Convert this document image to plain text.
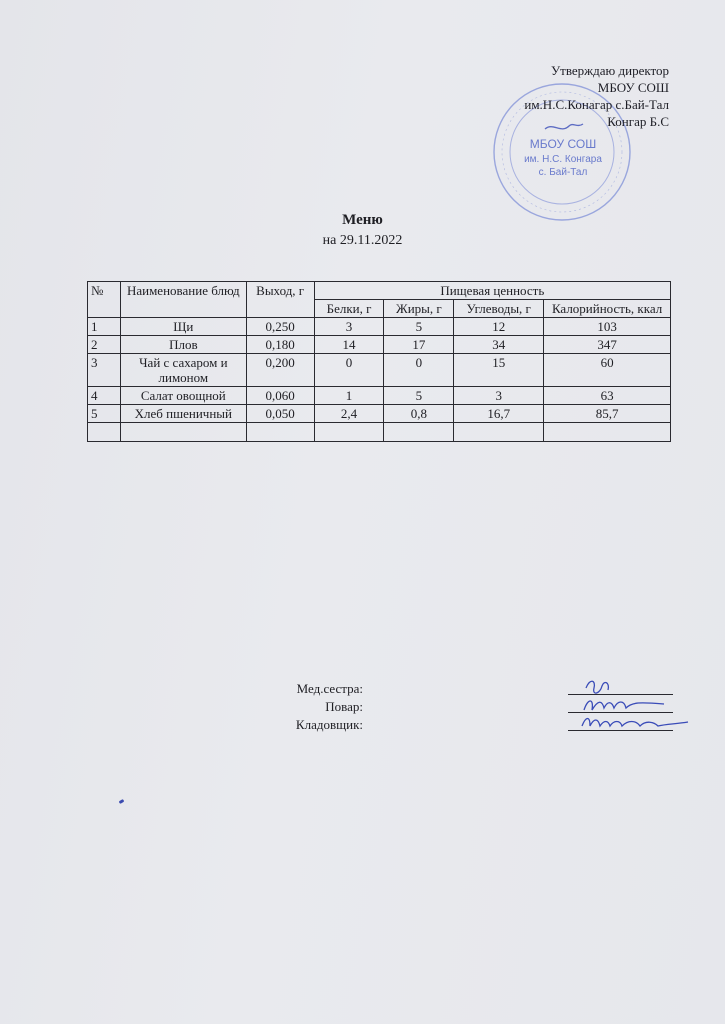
МБОУ СОШ
им. Н.С. Конгара
с. Бай-Тал
Утверждаю директор
МБОУ СОШ
им.Н.С.Конагар с.Бай-Тал
Конгар Б.С
Меню
на 29.11.2022
№	Наименование блюд	Выход, г	Пищевая ценность			
			Белки, г	Жиры, г	Углеводы, г	Калорийность, ккал
1	Щи	0,250	3	5	12	103
2	Плов	0,180	14	17	34	347
3	Чай с сахаром и лимоном	0,200	0	0	15	60
4	Салат овощной	0,060	1	5	3	63
5	Хлеб пшеничный	0,050	2,4	0,8	16,7	85,7

Мед.сестра:
Повар:
Кладовщик:
